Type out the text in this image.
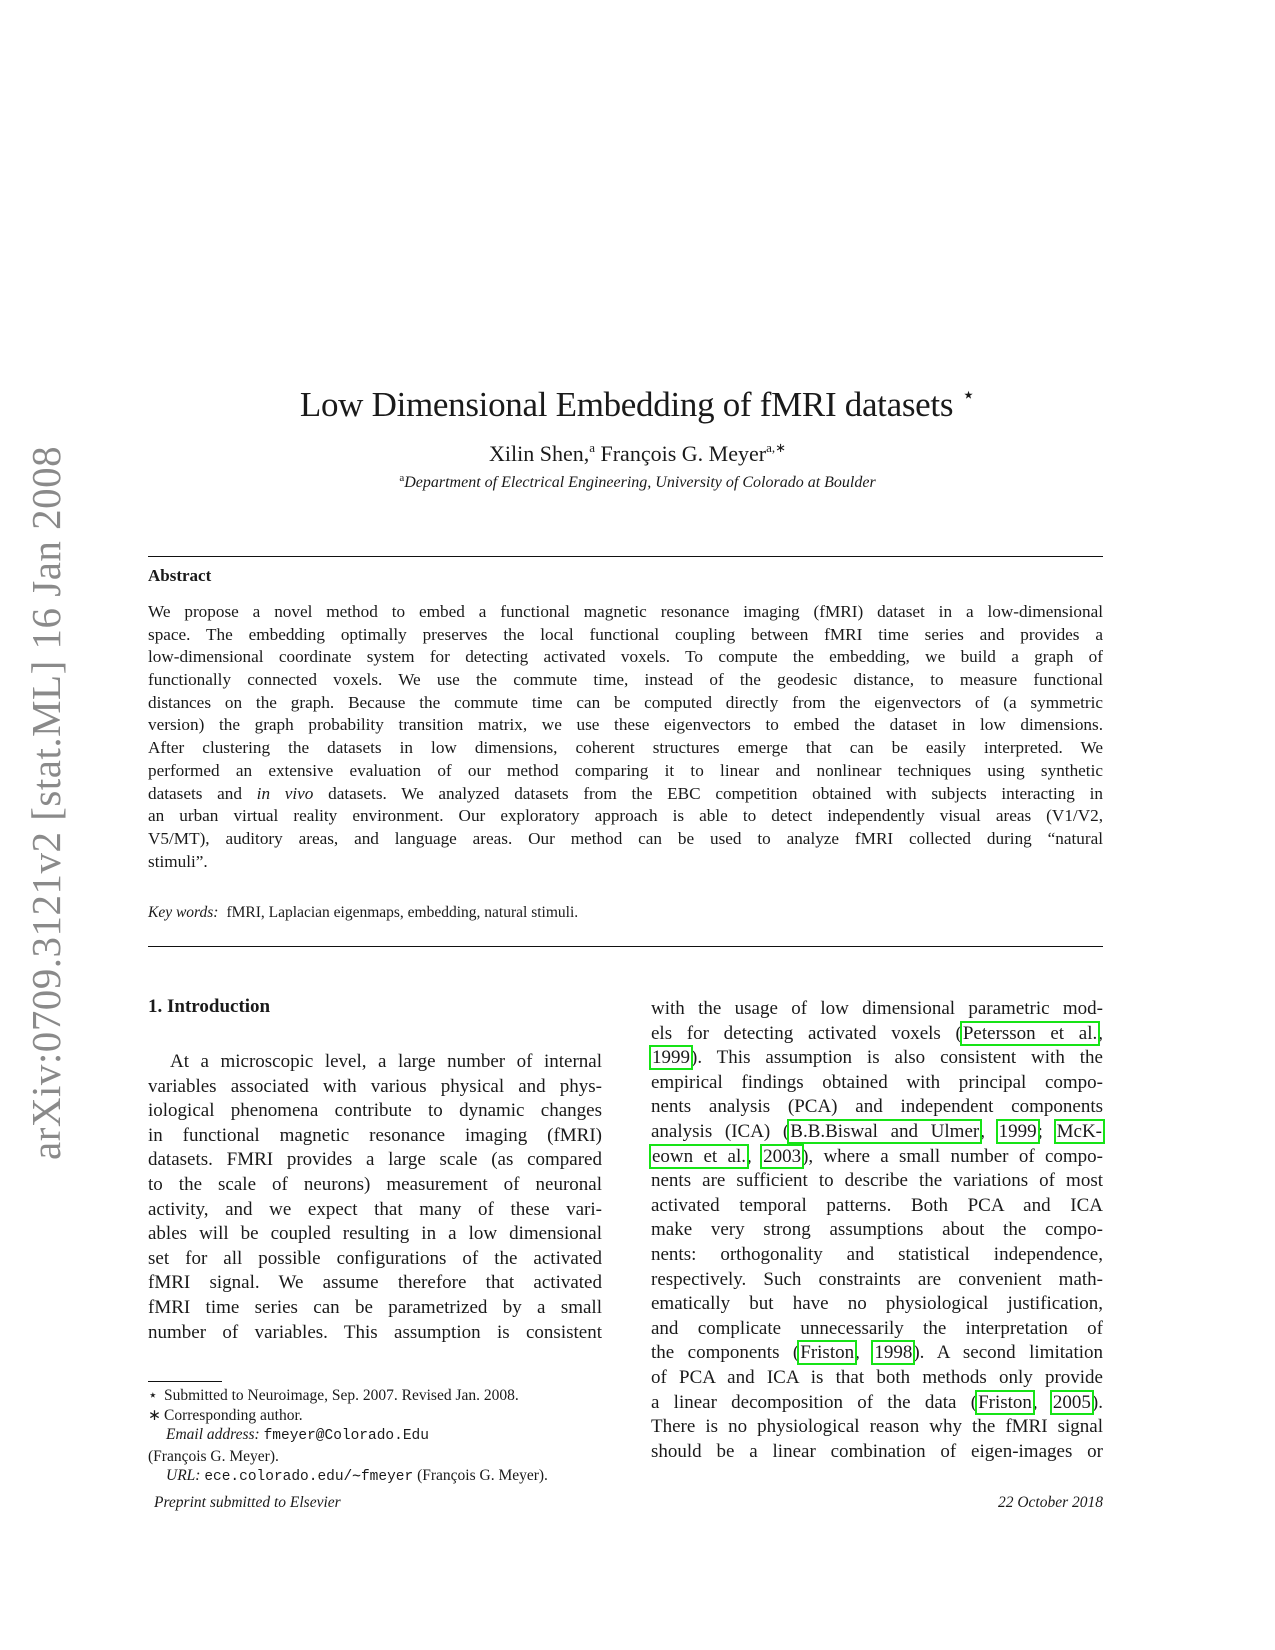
arXiv:0709.3121v2 [stat.ML] 16 Jan 2008
Low Dimensional Embedding of fMRI datasets ⋆
Xilin Shen,$^a$ François G. Meyer$^{a,∗}$
$^a$Department of Electrical Engineering, University of Colorado at Boulder
Abstract
We propose a novel method to embed a functional magnetic resonance imaging (fMRI) dataset in a low-dimensional
space. The embedding optimally preserves the local functional coupling between fMRI time series and provides a
low-dimensional coordinate system for detecting activated voxels. To compute the embedding, we build a graph of
functionally connected voxels. We use the commute time, instead of the geodesic distance, to measure functional
distances on the graph. Because the commute time can be computed directly from the eigenvectors of (a symmetric
version) the graph probability transition matrix, we use these eigenvectors to embed the dataset in low dimensions.
After clustering the datasets in low dimensions, coherent structures emerge that can be easily interpreted. We
performed an extensive evaluation of our method comparing it to linear and nonlinear techniques using synthetic
datasets and in vivo datasets. We analyzed datasets from the EBC competition obtained with subjects interacting in
an urban virtual reality environment. Our exploratory approach is able to detect independently visual areas (V1/V2,
V5/MT), auditory areas, and language areas. Our method can be used to analyze fMRI collected during “natural
stimuli”.
Key words: fMRI, Laplacian eigenmaps, embedding, natural stimuli.
1. Introduction
At a microscopic level, a large number of internal
variables associated with various physical and phys-
iological phenomena contribute to dynamic changes
in functional magnetic resonance imaging (fMRI)
datasets. FMRI provides a large scale (as compared
to the scale of neurons) measurement of neuronal
activity, and we expect that many of these vari-
ables will be coupled resulting in a low dimensional
set for all possible configurations of the activated
fMRI signal. We assume therefore that activated
fMRI time series can be parametrized by a small
number of variables. This assumption is consistent
with the usage of low dimensional parametric mod-
els for detecting activated voxels (Petersson et al.,
1999). This assumption is also consistent with the
empirical findings obtained with principal compo-
nents analysis (PCA) and independent components
analysis (ICA) (B.B.Biswal and Ulmer, 1999; McK-
eown et al., 2003), where a small number of compo-
nents are sufficient to describe the variations of most
activated temporal patterns. Both PCA and ICA
make very strong assumptions about the compo-
nents: orthogonality and statistical independence,
respectively. Such constraints are convenient math-
ematically but have no physiological justification,
and complicate unnecessarily the interpretation of
the components (Friston, 1998). A second limitation
of PCA and ICA is that both methods only provide
a linear decomposition of the data (Friston, 2005).
There is no physiological reason why the fMRI signal
should be a linear combination of eigen-images or
⋆ Submitted to Neuroimage, Sep. 2007. Revised Jan. 2008.
∗ Corresponding author.
Email address: fmeyer@Colorado.Edu
(François G. Meyer).
URL: ece.colorado.edu/∼fmeyer (François G. Meyer).
Preprint submitted to Elsevier	22 October 2018
